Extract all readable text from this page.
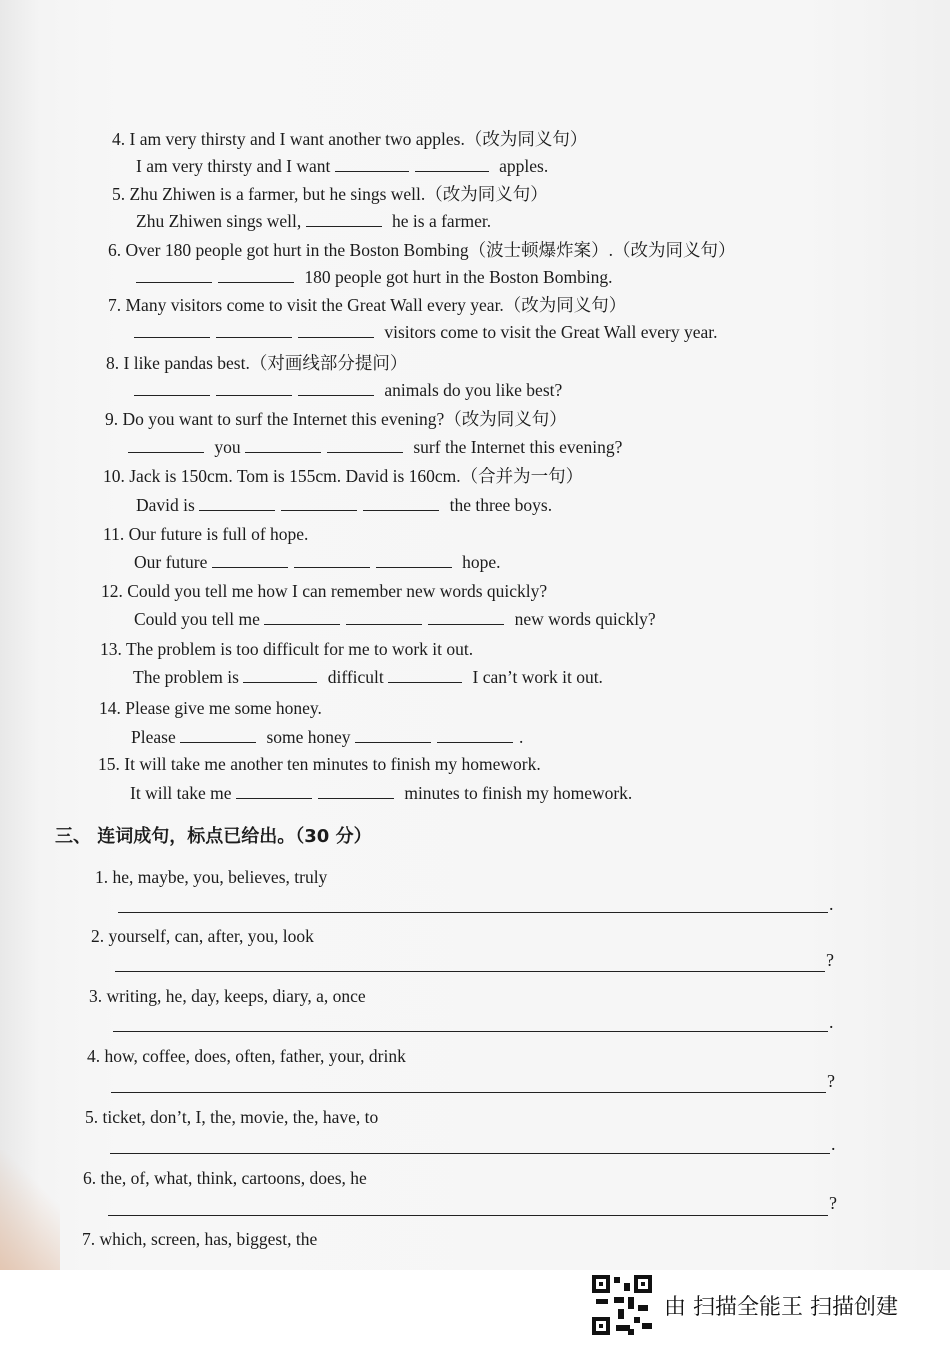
4. I am very thirsty and I want another two apples.（改为同义句）
I am very thirsty and I want	apples.
5. Zhu Zhiwen is a farmer, but he sings well.（改为同义句）
Zhu Zhiwen sings well,	he is a farmer.
6. Over 180 people got hurt in the Boston Bombing（波士顿爆炸案）.（改为同义句）
180 people got hurt in the Boston Bombing.
7. Many visitors come to visit the Great Wall every year.（改为同义句）
visitors come to visit the Great Wall every year.
8. I like pandas best.（对画线部分提问）
animals do you like best?
9. Do you want to surf the Internet this evening?（改为同义句）
you	surf the Internet this evening?
10. Jack is 150cm. Tom is 155cm. David is 160cm.（合并为一句）
David is	the three boys.
11. Our future is full of hope.
Our future	hope.
12. Could you tell me how I can remember new words quickly?
Could you tell me	new words quickly?
13. The problem is too difficult for me to work it out.
The problem is	difficult	I can’t work it out.
14. Please give me some honey.
Please	some honey	.
15. It will take me another ten minutes to finish my homework.
It will take me	minutes to finish my homework.
三、 连词成句，标点已给出。（30 分）
1. he, maybe, you, believes, truly
.
2. yourself, can, after, you, look
?
3. writing, he, day, keeps, diary, a, once
.
4. how, coffee, does, often, father, your, drink
?
5. ticket, don’t, I, the, movie, the, have, to
.
6. the, of, what, think, cartoons, does, he
?
7. which, screen, has, biggest, the
由 扫描全能王 扫描创建
